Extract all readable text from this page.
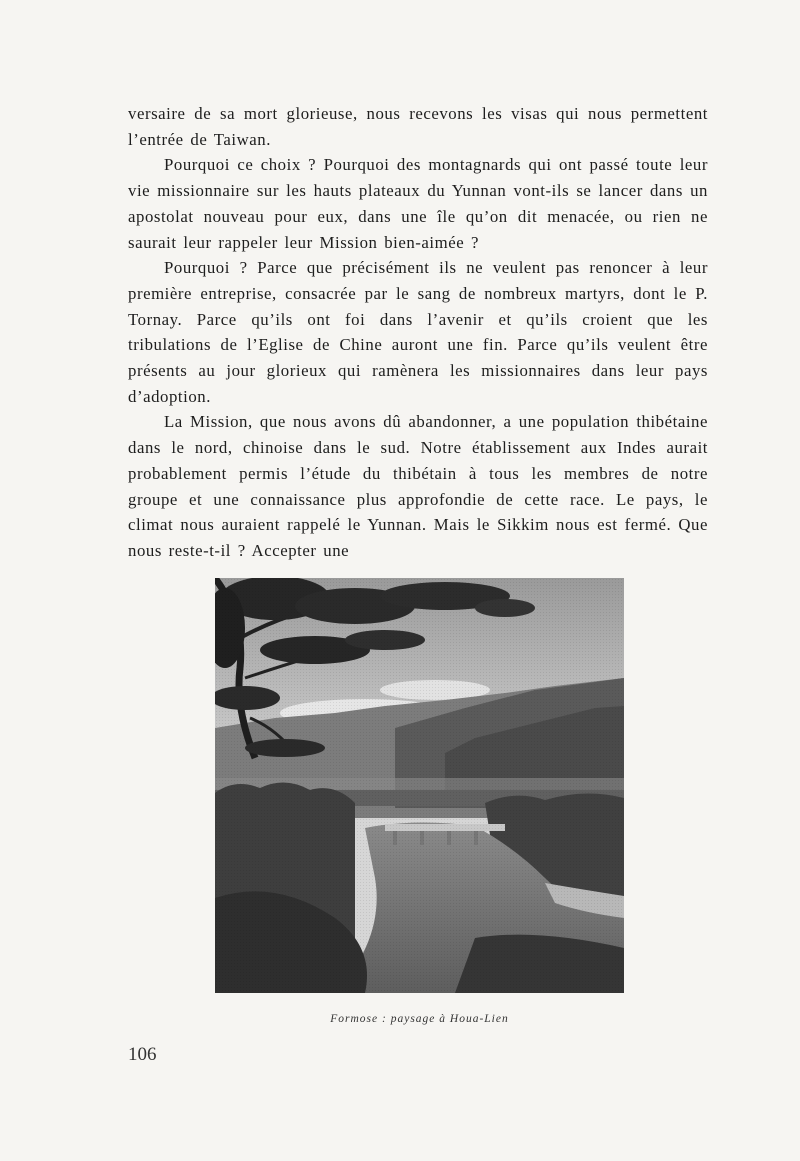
versaire de sa mort glorieuse, nous recevons les visas qui nous permettent l’entrée de Taiwan.

Pourquoi ce choix ? Pourquoi des montagnards qui ont passé toute leur vie missionnaire sur les hauts plateaux du Yunnan vont-ils se lancer dans un apostolat nouveau pour eux, dans une île qu’on dit menacée, ou rien ne saurait leur rappeler leur Mission bien-aimée ?

Pourquoi ? Parce que précisément ils ne veulent pas renoncer à leur première entreprise, consacrée par le sang de nombreux martyrs, dont le P. Tornay. Parce qu’ils ont foi dans l’avenir et qu’ils croient que les tribulations de l’Eglise de Chine auront une fin. Parce qu’ils veulent être présents au jour glorieux qui ramènera les missionnaires dans leur pays d’adoption.

La Mission, que nous avons dû abandonner, a une population thibétaine dans le nord, chinoise dans le sud. Notre établissement aux Indes aurait probablement permis l’étude du thibétain à tous les membres de notre groupe et une connaissance plus approfondie de cette race. Le pays, le climat nous auraient rappelé le Yunnan. Mais le Sikkim nous est fermé. Que nous reste-t-il ? Accepter une

Formose : paysage à Houa-Lien
106
